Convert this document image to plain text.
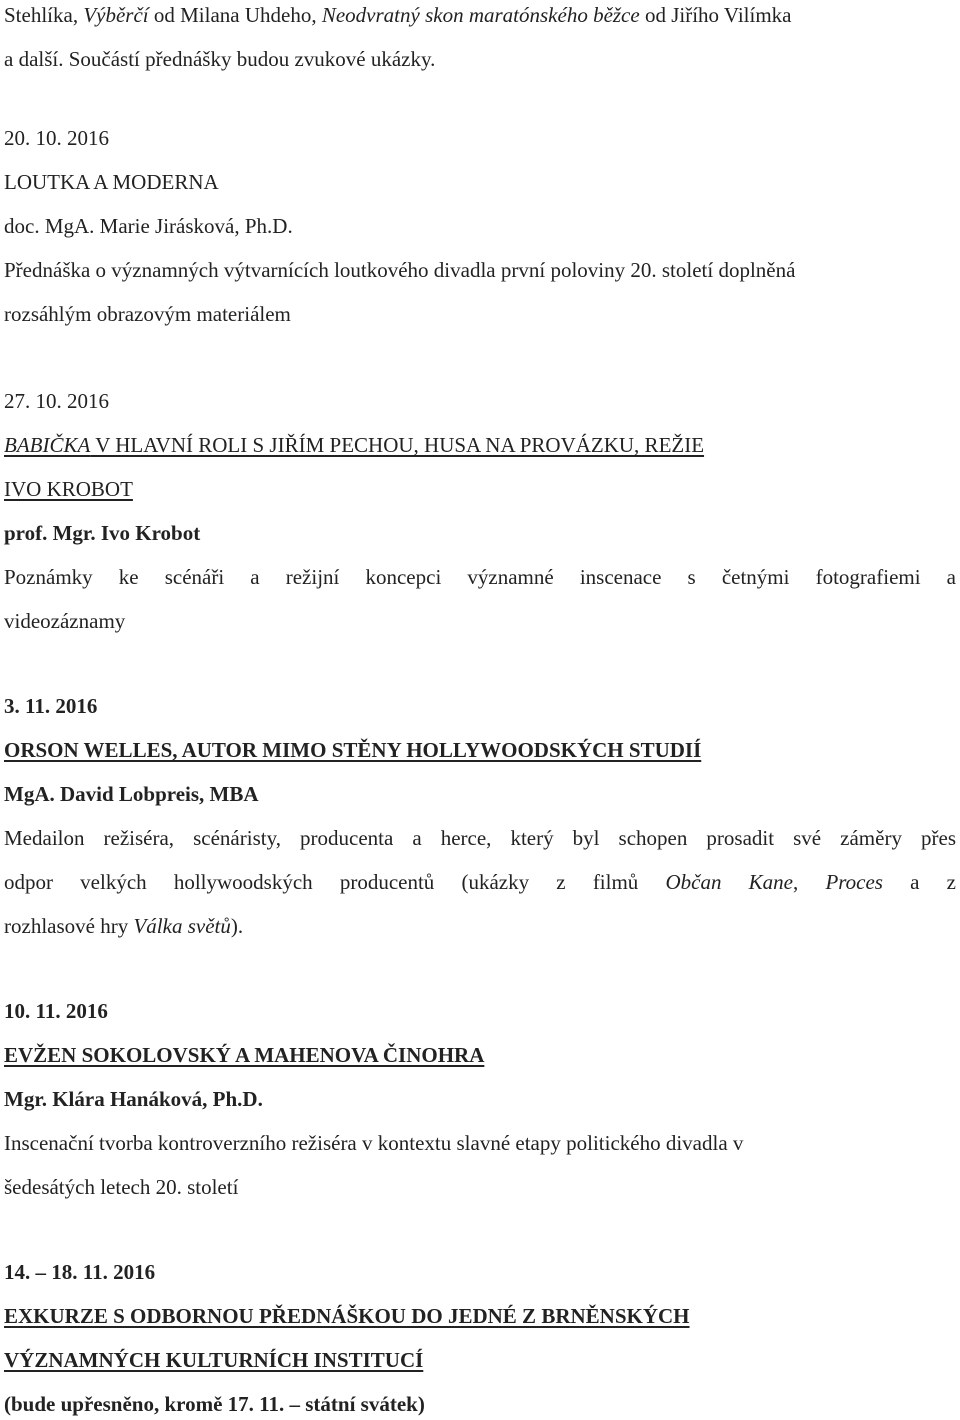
Stehlíka, Výběrčí od Milana Uhdeho, Neodvratný skon maratónského běžce od Jiřího Vilímka
a další. Součástí přednášky budou zvukové ukázky.
20. 10. 2016
LOUTKA A MODERNA
doc. MgA. Marie Jirásková, Ph.D.
Přednáška o významných výtvarnících loutkového divadla první poloviny 20. století doplněná
rozsáhlým obrazovým materiálem
27. 10. 2016
BABIČKA V HLAVNÍ ROLI S JIŘÍM PECHOU, HUSA NA PROVÁZKU, REŽIE
IVO KROBOT
prof. Mgr. Ivo Krobot
Poznámky ke scénáři a režijní koncepci významné inscenace s četnými fotografiemi a
videozáznamy
3. 11. 2016
ORSON WELLES, AUTOR MIMO STĚNY HOLLYWOODSKÝCH STUDIÍ
MgA. David Lobpreis, MBA
Medailon režiséra, scénáristy, producenta a herce, který byl schopen prosadit své záměry přes
odpor velkých hollywoodských producentů (ukázky z filmů Občan Kane, Proces a z
rozhlasové hry Válka světů).
10. 11. 2016
EVŽEN SOKOLOVSKÝ A MAHENOVA ČINOHRA
Mgr. Klára Hanáková, Ph.D.
Inscenační tvorba kontroverzního režiséra v kontextu slavné etapy politického divadla v
šedesátých letech 20. století
14. – 18. 11. 2016
EXKURZE S ODBORNOU PŘEDNÁŠKOU DO JEDNÉ Z BRNĚNSKÝCH
VÝZNAMNÝCH KULTURNÍCH INSTITUCÍ
(bude upřesněno, kromě 17. 11. – státní svátek)
